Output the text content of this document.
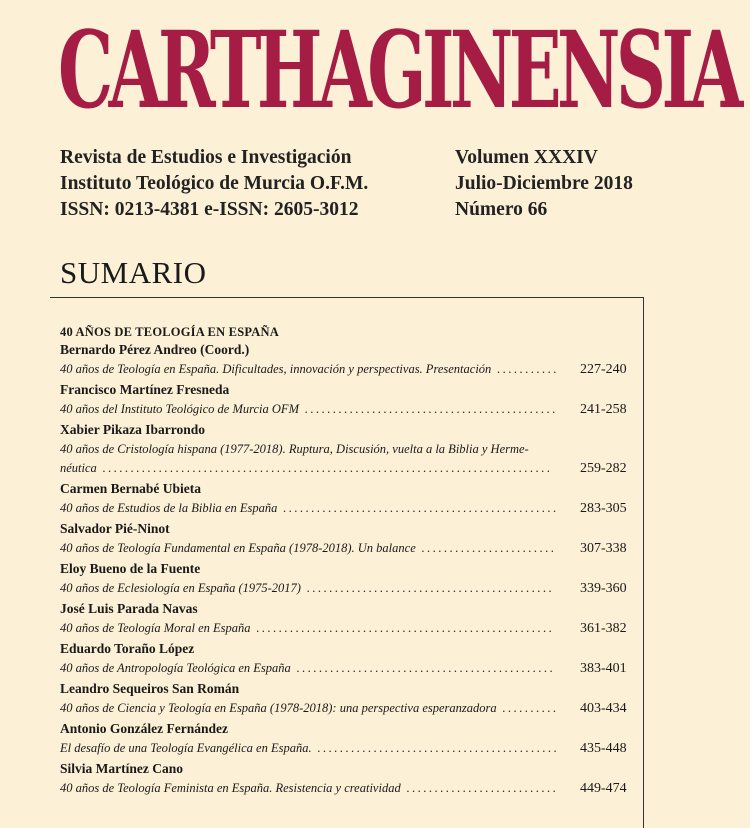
CARTHAGINENSIA
Revista de Estudios e Investigación
Instituto Teológico de Murcia O.F.M.
ISSN: 0213-4381 e-ISSN: 2605-3012
Volumen XXXIV
Julio-Diciembre 2018
Número 66
SUMARIO
40 AÑOS DE TEOLOGÍA EN ESPAÑA
Bernardo Pérez Andreo (Coord.)
40 años de Teología en España. Dificultades, innovación y perspectivas. Presentación ........... 227-240
Francisco Martínez Fresneda
40 años del Instituto Teológico de Murcia OFM ............................................. 241-258
Xabier Pikaza Ibarrondo
40 años de Cristología hispana (1977-2018). Ruptura, Discusión, vuelta a la Biblia y Herme-
néutica ................................................................................ 259-282
Carmen Bernabé Ubieta
40 años de Estudios de la Biblia en España ................................................. 283-305
Salvador Pié-Ninot
40 años de Teología Fundamental en España (1978-2018). Un balance ........................ 307-338
Eloy Bueno de la Fuente
40 años de Eclesiología en España (1975-2017) ............................................ 339-360
José Luis Parada Navas
40 años de Teología Moral en España ..................................................... 361-382
Eduardo Toraño López
40 años de Antropología Teológica en España .............................................. 383-401
Leandro Sequeiros San Román
40 años de Ciencia y Teología en España (1978-2018): una perspectiva esperanzadora .......... 403-434
Antonio González Fernández
El desafío de una Teología Evangélica en España. ........................................... 435-448
Silvia Martínez Cano
40 años de Teología Feminista en España. Resistencia y creatividad ........................... 449-474
